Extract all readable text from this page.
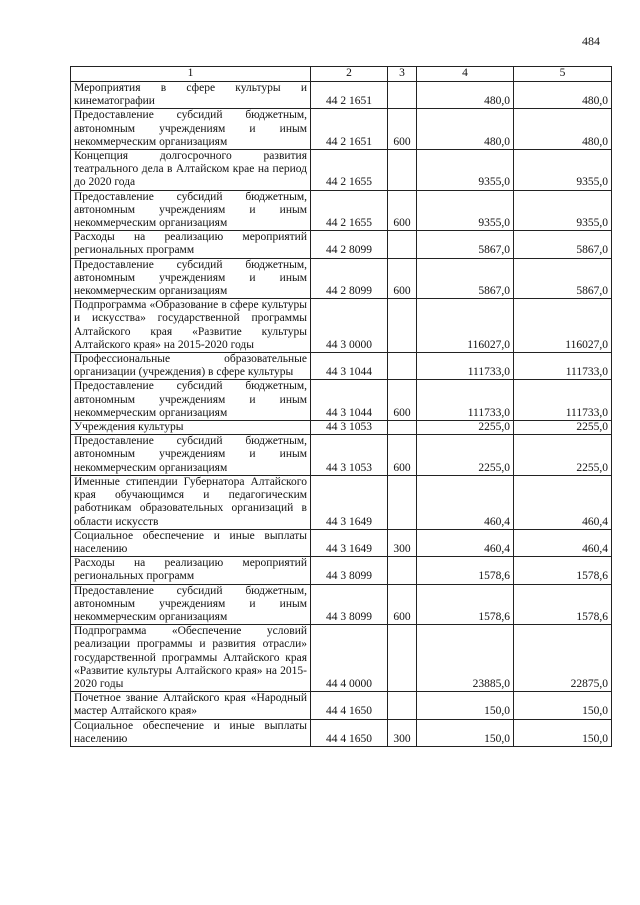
484
1	2	3	4	5
Мероприятия в сфере культуры и кинематографии	44 2 1651		480,0	480,0
Предоставление субсидий бюджетным, автономным учреждениям и иным некоммерческим организациям	44 2 1651	600	480,0	480,0
Концепция долгосрочного развития театрального дела в Алтайском крае на период до 2020 года	44 2 1655		9355,0	9355,0
Предоставление субсидий бюджетным, автономным учреждениям и иным некоммерческим организациям	44 2 1655	600	9355,0	9355,0
Расходы на реализацию мероприятий региональных программ	44 2 8099		5867,0	5867,0
Предоставление субсидий бюджетным, автономным учреждениям и иным некоммерческим организациям	44 2 8099	600	5867,0	5867,0
Подпрограмма «Образование в сфере культуры и искусства» государственной программы Алтайского края «Развитие культуры Алтайского края» на 2015-2020 годы	44 3 0000		116027,0	116027,0
Профессиональные образовательные организации (учреждения) в сфере культуры	44 3 1044		111733,0	111733,0
Предоставление субсидий бюджетным, автономным учреждениям и иным некоммерческим организациям	44 3 1044	600	111733,0	111733,0
Учреждения культуры	44 3 1053		2255,0	2255,0
Предоставление субсидий бюджетным, автономным учреждениям и иным некоммерческим организациям	44 3 1053	600	2255,0	2255,0
Именные стипендии Губернатора Алтайского края обучающимся и педагогическим работникам образовательных организаций в области искусств	44 3 1649		460,4	460,4
Социальное обеспечение и иные выплаты населению	44 3 1649	300	460,4	460,4
Расходы на реализацию мероприятий региональных программ	44 3 8099		1578,6	1578,6
Предоставление субсидий бюджетным, автономным учреждениям и иным некоммерческим организациям	44 3 8099	600	1578,6	1578,6
Подпрограмма «Обеспечение условий реализации программы и развития отрасли» государственной программы Алтайского края «Развитие культуры Алтайского края» на 2015-2020 годы	44 4 0000		23885,0	22875,0
Почетное звание Алтайского края «Народный мастер Алтайского края»	44 4 1650		150,0	150,0
Социальное обеспечение и иные выплаты населению	44 4 1650	300	150,0	150,0
